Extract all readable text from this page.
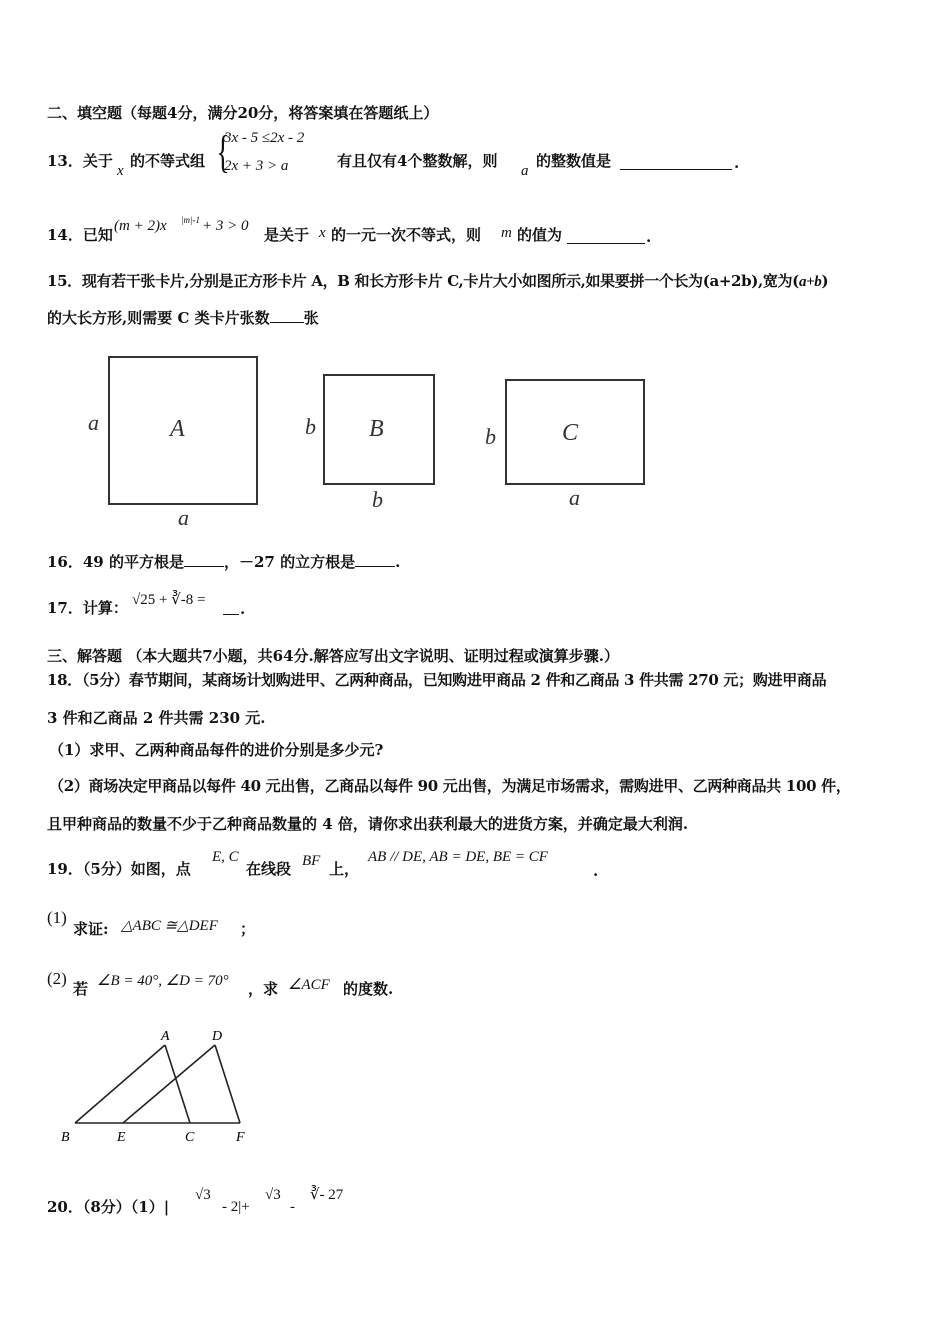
二、填空题（每题4分，满分20分，将答案填在答题纸上）
13．关于
x
的不等式组 {
3x - 5 ≤2x - 2
2x + 3 > a	有且仅有4个整数解，则
a
的整数值是	.
14．已知 (m + 2)x |m|-1 + 3 > 0 是关于 x 的一元一次不等式，则 m 的值为	.
15．现有若干张卡片,分别是正方形卡片 A，B 和长方形卡片 C,卡片大小如图所示,如果要拼一个长为(a+2b),宽为(a+b)
的大长方形,则需要 C 类卡片张数 张
A
a
a
B
b
b
C
b
a
16．49 的平方根是	，－27 的立方根是	.
17．计算： √25 + ∛-8 = .
三、解答题 （本大题共7小题，共64分.解答应写出文字说明、证明过程或演算步骤.）
18．（5分）春节期间，某商场计划购进甲、乙两种商品，已知购进甲商品 2 件和乙商品 3 件共需 270 元；购进甲商品
3 件和乙商品 2 件共需 230 元.
（1）求甲、乙两种商品每件的进价分别是多少元?
（2）商场决定甲商品以每件 40 元出售，乙商品以每件 90 元出售，为满足市场需求，需购进甲、乙两种商品共 100 件，
且甲种商品的数量不少于乙种商品数量的 4 倍，请你求出获利最大的进货方案，并确定最大利润.
19．（5分）如图，点
E, C
在线段 BF 上，
AB // DE, AB = DE, BE = CF
.
(1)
求证: △ABC ≅△DEF ；
(2)
若 ∠B = 40°, ∠D = 70° ，求 ∠ACF 的度数.
A	D
B	E	C	F
20．（8分）（1）|
√3
- 2|+
√3
-
∛- 27
